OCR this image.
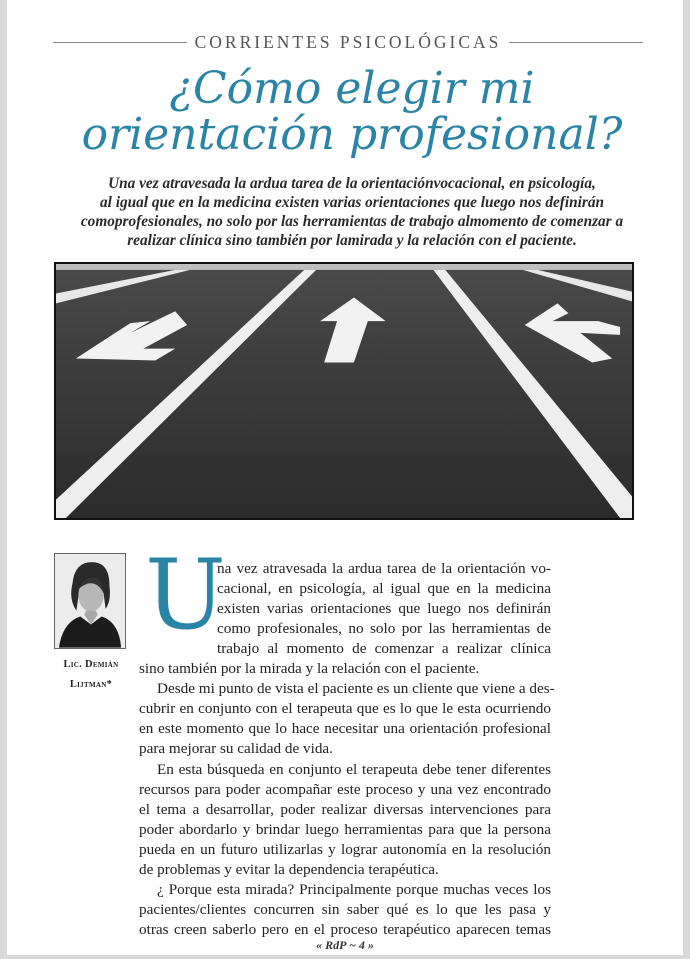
CORRIENTES PSICOLÓGICAS
¿Cómo elegir mi
orientación profesional?
Una vez atravesada la ardua tarea de la orientaciónvocacional, en psicología,
al igual que en la medicina existen varias orientaciones que luego nos definirán
comoprofesionales, no solo por las herramientas de trabajo almomento de comenzar a
realizar clínica sino también por lamirada y la relación con el paciente.
Lic. Demián
Lijtman*
U
na vez atravesada la ardua tarea de la orientación vo-
cacional, en psicología, al igual que en la medicina
existen varias orientaciones que luego nos definirán
como profesionales, no solo por las herramientas de
trabajo al momento de comenzar a realizar clínica
sino también por la mirada y la relación con el paciente.
Desde mi punto de vista el paciente es un cliente que viene a des-
cubrir en conjunto con el terapeuta que es lo que le esta ocurriendo
en este momento que lo hace necesitar una orientación profesional
para mejorar su calidad de vida.
En esta búsqueda en conjunto el terapeuta debe tener diferentes
recursos para poder acompañar este proceso y una vez encontrado
el tema a desarrollar, poder realizar diversas intervenciones para
poder abordarlo y brindar luego herramientas para que la persona
pueda en un futuro utilizarlas y lograr autonomía en la resolución
de problemas y evitar la dependencia terapéutica.
¿ Porque esta mirada? Principalmente porque muchas veces los
pacientes/clientes concurren sin saber qué es lo que les pasa y
otras creen saberlo pero en el proceso terapéutico aparecen temas
« RdP ~ 4 »
